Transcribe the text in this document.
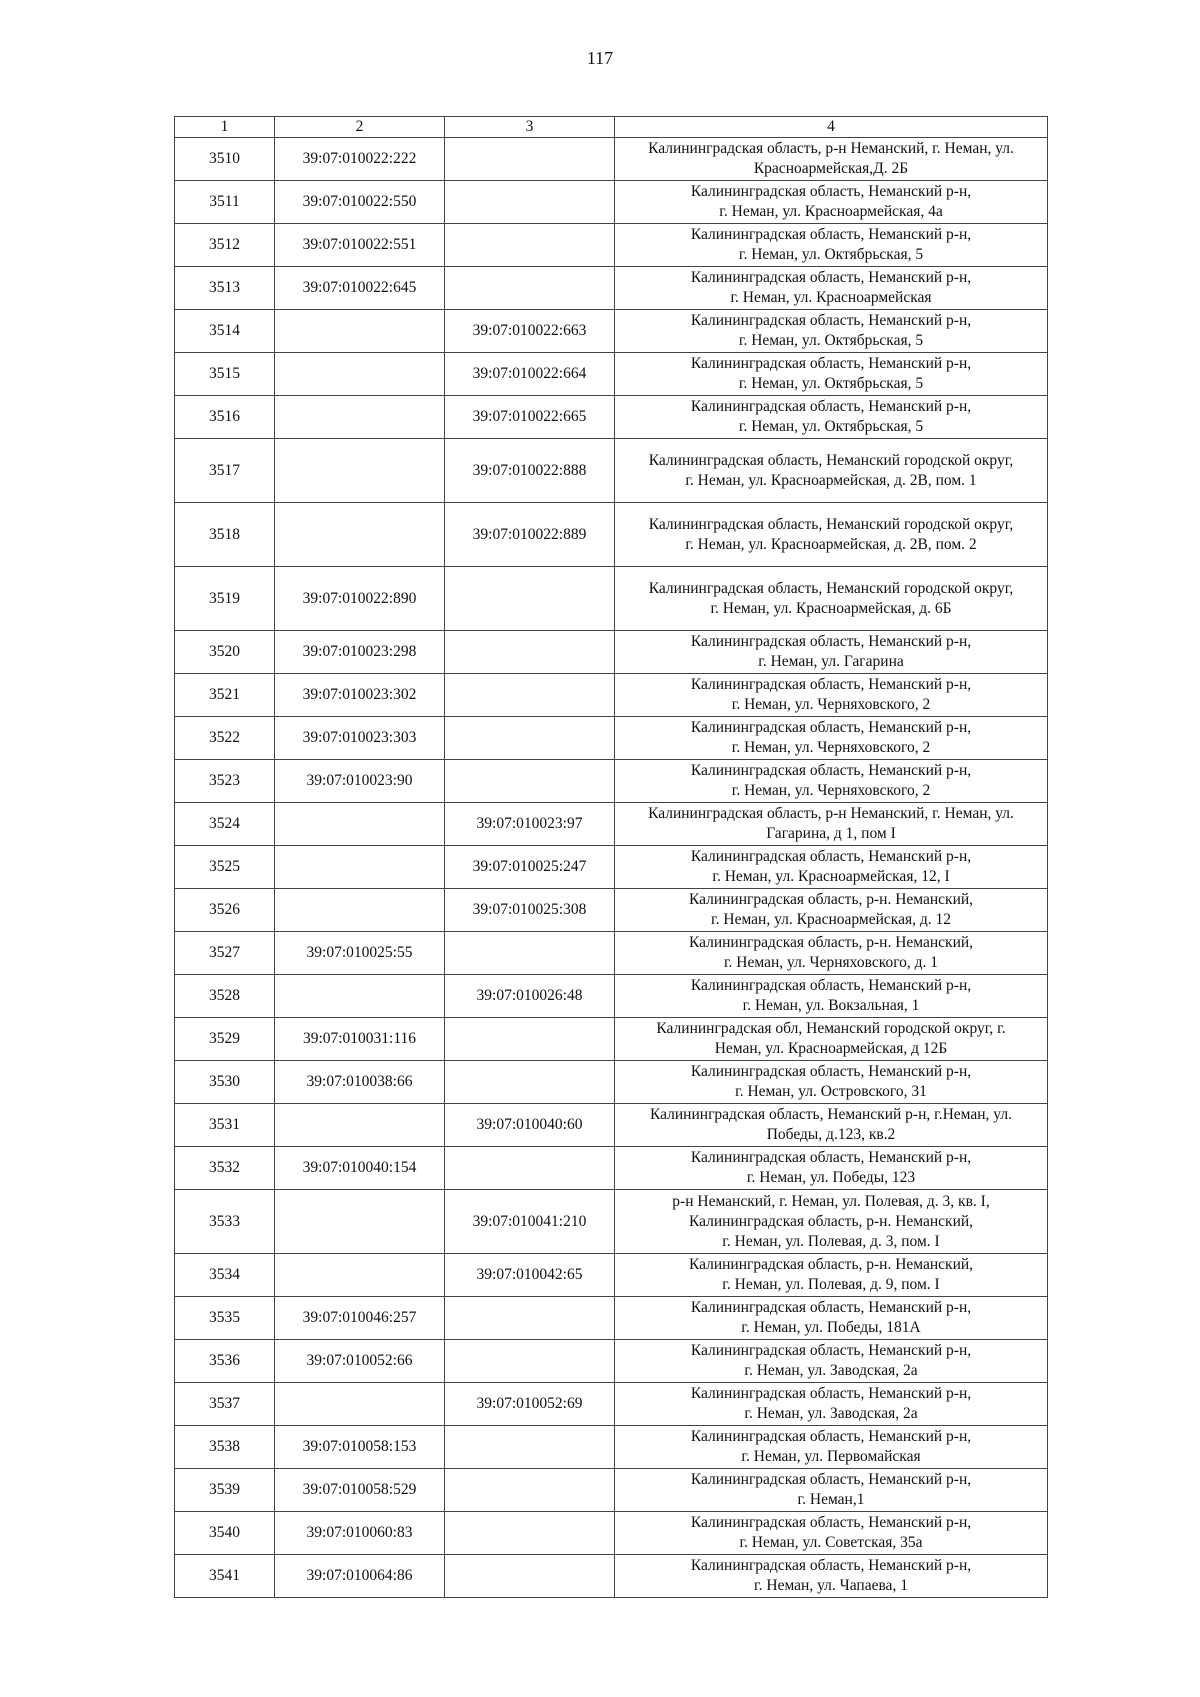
117
1	2	3	4
3510	39:07:010022:222		Калининградская область, р-н Неманский, г. Неман, ул.
Красноармейская,Д. 2Б

3511	39:07:010022:550		Калининградская область, Неманский р-н,
г. Неман, ул. Красноармейская, 4а

3512	39:07:010022:551		Калининградская область, Неманский р-н,
г. Неман, ул. Октябрьская, 5

3513	39:07:010022:645		Калининградская область, Неманский р-н,
г. Неман, ул. Красноармейская

3514		39:07:010022:663	Калининградская область, Неманский р-н,
г. Неман, ул. Октябрьская, 5

3515		39:07:010022:664	Калининградская область, Неманский р-н,
г. Неман, ул. Октябрьская, 5

3516		39:07:010022:665	Калининградская область, Неманский р-н,
г. Неман, ул. Октябрьская, 5

3517		39:07:010022:888	Калининградская область, Неманский городской округ,
г. Неман, ул. Красноармейская, д. 2В, пом. 1

3518		39:07:010022:889	Калининградская область, Неманский городской округ,
г. Неман, ул. Красноармейская, д. 2В, пом. 2

3519	39:07:010022:890		Калининградская область, Неманский городской округ,
г. Неман, ул. Красноармейская, д. 6Б

3520	39:07:010023:298		Калининградская область, Неманский р-н,
г. Неман, ул. Гагарина

3521	39:07:010023:302		Калининградская область, Неманский р-н,
г. Неман, ул. Черняховского, 2

3522	39:07:010023:303		Калининградская область, Неманский р-н,
г. Неман, ул. Черняховского, 2

3523	39:07:010023:90		Калининградская область, Неманский р-н,
г. Неман, ул. Черняховского, 2

3524		39:07:010023:97	Калининградская область, р-н Неманский, г. Неман, ул.
Гагарина, д 1, пом I

3525		39:07:010025:247	Калининградская область, Неманский р-н,
г. Неман, ул. Красноармейская, 12, I

3526		39:07:010025:308	Калининградская область, р-н. Неманский,
г. Неман, ул. Красноармейская, д. 12

3527	39:07:010025:55		Калининградская область, р-н. Неманский,
г. Неман, ул. Черняховского, д. 1

3528		39:07:010026:48	Калининградская область, Неманский р-н,
г. Неман, ул. Вокзальная, 1

3529	39:07:010031:116		Калининградская обл, Неманский городской округ, г.
Неман, ул. Красноармейская, д 12Б

3530	39:07:010038:66		Калининградская область, Неманский р-н,
г. Неман, ул. Островского, 31

3531		39:07:010040:60	Калининградская область, Неманский р-н, г.Неман, ул.
Победы, д.123, кв.2

3532	39:07:010040:154		Калининградская область, Неманский р-н,
г. Неман, ул. Победы, 123

3533		39:07:010041:210	р-н Неманский, г. Неман, ул. Полевая, д. 3, кв. I,
Калининградская область, р-н. Неманский,
г. Неман, ул. Полевая, д. 3, пом. I

3534		39:07:010042:65	Калининградская область, р-н. Неманский,
г. Неман, ул. Полевая, д. 9, пом. I

3535	39:07:010046:257		Калининградская область, Неманский р-н,
г. Неман, ул. Победы, 181А

3536	39:07:010052:66		Калининградская область, Неманский р-н,
г. Неман, ул. Заводская, 2а

3537		39:07:010052:69	Калининградская область, Неманский р-н,
г. Неман, ул. Заводская, 2а

3538	39:07:010058:153		Калининградская область, Неманский р-н,
г. Неман, ул. Первомайская

3539	39:07:010058:529		Калининградская область, Неманский р-н,
г. Неман,1

3540	39:07:010060:83		Калининградская область, Неманский р-н,
г. Неман, ул. Советская, 35а

3541	39:07:010064:86		Калининградская область, Неманский р-н,
г. Неман, ул. Чапаева, 1
